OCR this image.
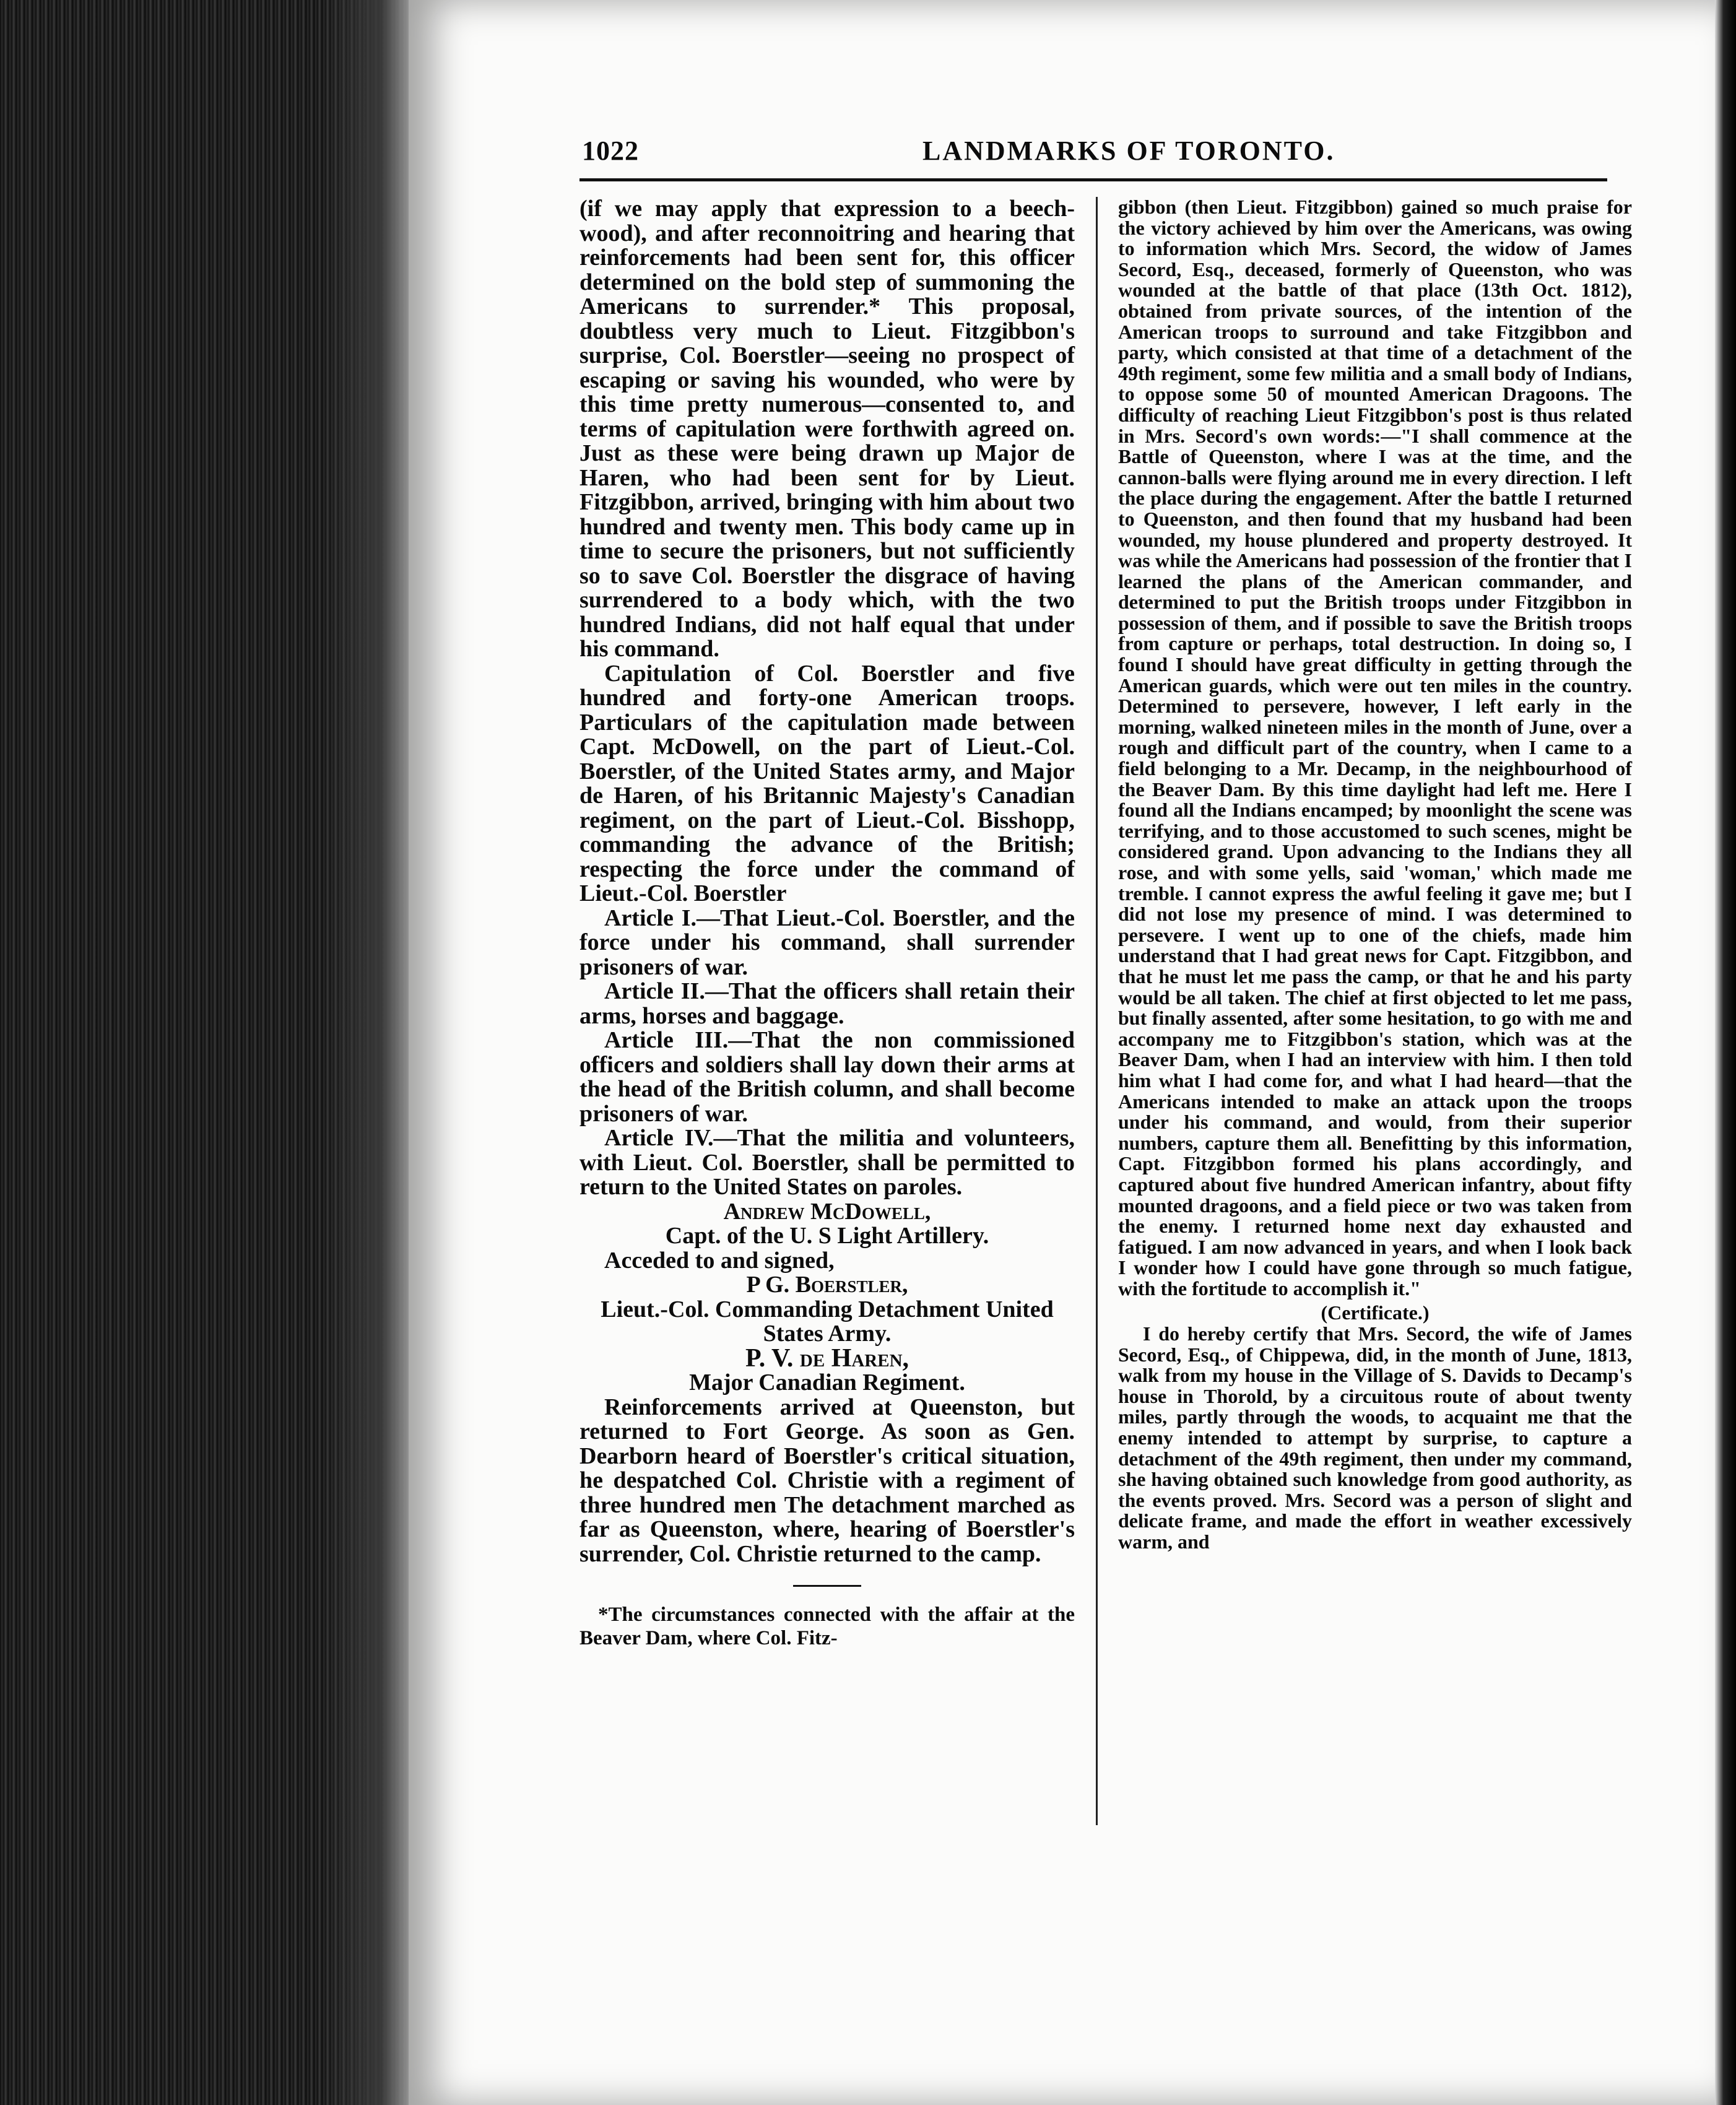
1022	LANDMARKS OF TORONTO.

(if we may apply that expression to a beech-wood), and after reconnoitring and hearing that reinforcements had been sent for, this officer determined on the bold step of summoning the Americans to surrender.* This proposal, doubtless very much to Lieut. Fitzgibbon's surprise, Col. Boerstler—seeing no prospect of escaping or saving his wounded, who were by this time pretty numerous—consented to, and terms of capitulation were forthwith agreed on. Just as these were being drawn up Major de Haren, who had been sent for by Lieut. Fitzgibbon, arrived, bringing with him about two hundred and twenty men. This body came up in time to secure the prisoners, but not sufficiently so to save Col. Boerstler the disgrace of having surrendered to a body which, with the two hundred Indians, did not half equal that under his command.

Capitulation of Col. Boerstler and five hundred and forty-one American troops. Particulars of the capitulation made between Capt. McDowell, on the part of Lieut.-Col. Boerstler, of the United States army, and Major de Haren, of his Britannic Majesty's Canadian regiment, on the part of Lieut.-Col. Bisshopp, commanding the advance of the British; respecting the force under the command of Lieut.-Col. Boerstler

Article I.—That Lieut.-Col. Boerstler, and the force under his command, shall surrender prisoners of war.

Article II.—That the officers shall retain their arms, horses and baggage.

Article III.—That the non commissioned officers and soldiers shall lay down their arms at the head of the British column, and shall become prisoners of war.

Article IV.—That the militia and volunteers, with Lieut. Col. Boerstler, shall be permitted to return to the United States on paroles.

Andrew McDowell,

Capt. of the U. S Light Artillery.

Acceded to and signed,

P G. Boerstler,

Lieut.-Col. Commanding Detachment United States Army.

P. V. de Haren,

Major Canadian Regiment.

Reinforcements arrived at Queenston, but returned to Fort George. As soon as Gen. Dearborn heard of Boerstler's critical situation, he despatched Col. Christie with a regiment of three hundred men The detachment marched as far as Queenston, where, hearing of Boerstler's surrender, Col. Christie returned to the camp.

*The circumstances connected with the affair at the Beaver Dam, where Col. Fitz-

gibbon (then Lieut. Fitzgibbon) gained so much praise for the victory achieved by him over the Americans, was owing to information which Mrs. Secord, the widow of James Secord, Esq., deceased, formerly of Queenston, who was wounded at the battle of that place (13th Oct. 1812), obtained from private sources, of the intention of the American troops to surround and take Fitzgibbon and party, which consisted at that time of a detachment of the 49th regiment, some few militia and a small body of Indians, to oppose some 50 of mounted American Dragoons. The difficulty of reaching Lieut Fitzgibbon's post is thus related in Mrs. Secord's own words:—"I shall commence at the Battle of Queenston, where I was at the time, and the cannon-balls were flying around me in every direction. I left the place during the engagement. After the battle I returned to Queenston, and then found that my husband had been wounded, my house plundered and property destroyed. It was while the Americans had possession of the frontier that I learned the plans of the American commander, and determined to put the British troops under Fitzgibbon in possession of them, and if possible to save the British troops from capture or perhaps, total destruction. In doing so, I found I should have great difficulty in getting through the American guards, which were out ten miles in the country. Determined to persevere, however, I left early in the morning, walked nineteen miles in the month of June, over a rough and difficult part of the country, when I came to a field belonging to a Mr. Decamp, in the neighbourhood of the Beaver Dam. By this time daylight had left me. Here I found all the Indians encamped; by moonlight the scene was terrifying, and to those accustomed to such scenes, might be considered grand. Upon advancing to the Indians they all rose, and with some yells, said 'woman,' which made me tremble. I cannot express the awful feeling it gave me; but I did not lose my presence of mind. I was determined to persevere. I went up to one of the chiefs, made him understand that I had great news for Capt. Fitzgibbon, and that he must let me pass the camp, or that he and his party would be all taken. The chief at first objected to let me pass, but finally assented, after some hesitation, to go with me and accompany me to Fitzgibbon's station, which was at the Beaver Dam, when I had an interview with him. I then told him what I had come for, and what I had heard—that the Americans intended to make an attack upon the troops under his command, and would, from their superior numbers, capture them all. Benefitting by this information, Capt. Fitzgibbon formed his plans accordingly, and captured about five hundred American infantry, about fifty mounted dragoons, and a field piece or two was taken from the enemy. I returned home next day exhausted and fatigued. I am now advanced in years, and when I look back I wonder how I could have gone through so much fatigue, with the fortitude to accomplish it."

(Certificate.)

I do hereby certify that Mrs. Secord, the wife of James Secord, Esq., of Chippewa, did, in the month of June, 1813, walk from my house in the Village of S. Davids to Decamp's house in Thorold, by a circuitous route of about twenty miles, partly through the woods, to acquaint me that the enemy intended to attempt by surprise, to capture a detachment of the 49th regiment, then under my command, she having obtained such knowledge from good authority, as the events proved. Mrs. Secord was a person of slight and delicate frame, and made the effort in weather excessively warm, and
